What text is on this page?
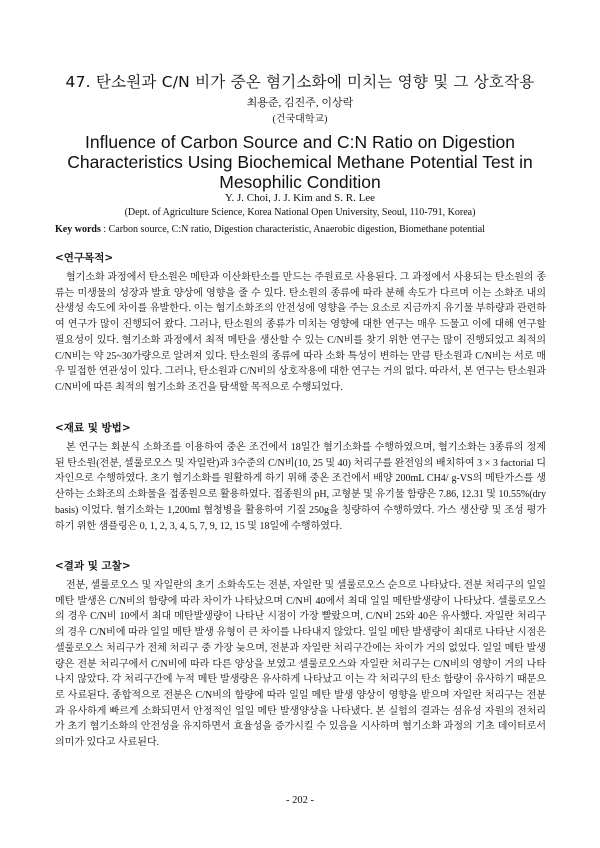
47. 탄소원과 C/N 비가 중온 혐기소화에 미치는 영향 및 그 상호작용
최용준, 김진주, 이상락
(건국대학교)
Influence of Carbon Source and C:N Ratio on Digestion Characteristics Using Biochemical Methane Potential Test in Mesophilic Condition
Y. J. Choi, J. J. Kim and S. R. Lee
(Dept. of Agriculture Science, Korea National Open University, Seoul, 110-791, Korea)
Key words : Carbon source, C:N ratio, Digestion characteristic, Anaerobic digestion, Biomethane potential
<연구목적>

혐기소화 과정에서 탄소원은 메탄과 이산화탄소를 만드는 주원료로 사용된다. 그 과정에서 사용되는 탄소원의 종류는 미생물의 성장과 발효 양상에 영향을 줄 수 있다. 탄소원의 종류에 따라 분해 속도가 다르며 이는 소화조 내의 산생성 속도에 차이를 유발한다. 이는 혐기소화조의 안전성에 영향을 주는 요소로 지금까지 유기물 부하량과 관련하여 연구가 많이 진행되어 왔다. 그러나, 탄소원의 종류가 미치는 영향에 대한 연구는 매우 드물고 이에 대해 연구할 필요성이 있다. 혐기소화 과정에서 최적 메탄을 생산할 수 있는 C/N비를 찾기 위한 연구는 많이 진행되었고 최적의 C/N비는 약 25~30가량으로 알려져 있다. 탄소원의 종류에 따라 소화 특성이 변하는 만큼 탄소원과 C/N비는 서로 매우 밀접한 연관성이 있다. 그러나, 탄소원과 C/N비의 상호작용에 대한 연구는 거의 없다. 따라서, 본 연구는 탄소원과 C/N비에 따른 최적의 혐기소화 조건을 탐색할 목적으로 수행되었다.

<재료 및 방법>

본 연구는 회분식 소화조를 이용하여 중온 조건에서 18일간 혐기소화를 수행하였으며, 혐기소화는 3종류의 정제된 탄소원(전분, 셀룰로오스 및 자일란)과 3수준의 C/N비(10, 25 및 40) 처리구를 완전임의 배치하여 3 × 3 factorial 디자인으로 수행하였다. 초기 혐기소화를 원활하게 하기 위해 중온 조건에서 배양 200mL CH4/ g-VS의 메탄가스를 생산하는 소화조의 소화물을 접종원으로 활용하였다. 접종원의 pH, 고형분 및 유기물 함량은 7.86, 12.31 및 10.55%(dry basis) 이었다. 혐기소화는 1,200ml 혐청병을 활용하여 기질 250g을 칭량하여 수행하였다. 가스 생산량 및 조성 평가하기 위한 샘플링은 0, 1, 2, 3, 4, 5, 7, 9, 12, 15 및 18일에 수행하였다.

<결과 및 고찰>

전분, 셀룰로오스 및 자일란의 초기 소화속도는 전분, 자일란 및 셀룰로오스 순으로 나타났다. 전분 처리구의 일일 메탄 발생은 C/N비의 함량에 따라 차이가 나타났으며 C/N비 40에서 최대 일일 메탄발생량이 나타났다. 셀룰로오스의 경우 C/N비 10에서 최대 메탄발생량이 나타난 시점이 가장 빨랐으며, C/N비 25와 40은 유사했다. 자일란 처리구의 경우 C/N비에 따라 일일 메탄 발생 유형이 큰 차이를 나타내지 않았다. 일일 메탄 발생량이 최대로 나타난 시점은 셀룰로오스 처리구가 전체 처리구 중 가장 늦으며, 전분과 자일란 처리구간에는 차이가 거의 없었다. 일일 메탄 발생량은 전분 처리구에서 C/N비에 따라 다른 양상을 보였고 셀룰로오스와 자일란 처리구는 C/N비의 영향이 거의 나타나지 않았다. 각 처리구간에 누적 메탄 발생량은 유사하게 나타났고 이는 각 처리구의 탄소 함량이 유사하기 때문으로 사료된다. 종합적으로 전분은 C/N비의 함량에 따라 일일 메탄 발생 양상이 영향을 받으며 자일란 처리구는 전분과 유사하게 빠르게 소화되면서 안정적인 일일 메탄 발생양상을 나타냈다. 본 실험의 결과는 섬유성 자원의 전처리가 초기 혐기소화의 안전성을 유지하면서 효율성을 증가시킬 수 있음을 시사하며 혐기소화 과정의 기초 데이터로서 의미가 있다고 사료된다.

- 202 -
